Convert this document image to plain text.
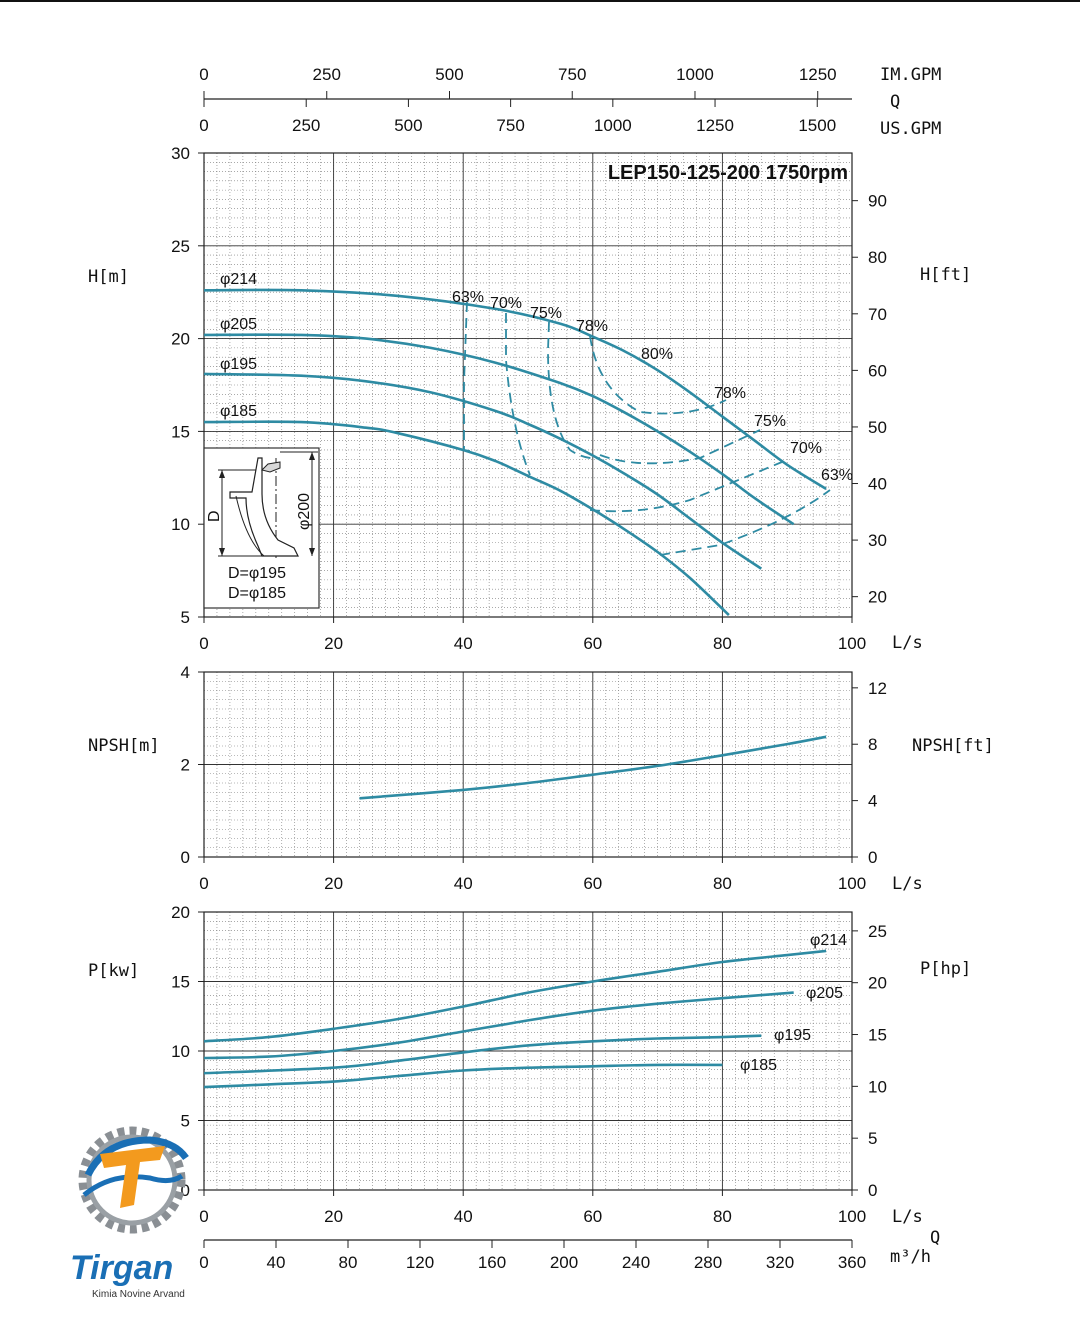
0	250	500	750	1000	1250
0	250	500	750	1000	1250	1500
IM.GPM
Q
US.GPM
5
10
15
20
25
30
20
30
40
50
60
70
80
90
0	20	40	60	80	100
φ214
φ205
φ195
φ185
63% 70%
75%
78%
80%
78%
75%
70%
63%
LEP150-125-200 1750rpm
H[m]	H[ft]
L/s
D	φ200
D=φ195
D=φ185
0
2
4
0
4
8
12
0	20	40	60	80	100
NPSH[m]	NPSH[ft]
L/s
0
5
10
15
20
0
5
10
15
20
25
0	20	40	60	80	100
φ214
φ205
φ195
φ185
P[kw]	P[hp]
L/s
0	40	80	120	160	200	240	280	320	360
Q
m³/h
Tirgan
Kimia Novine Arvand
